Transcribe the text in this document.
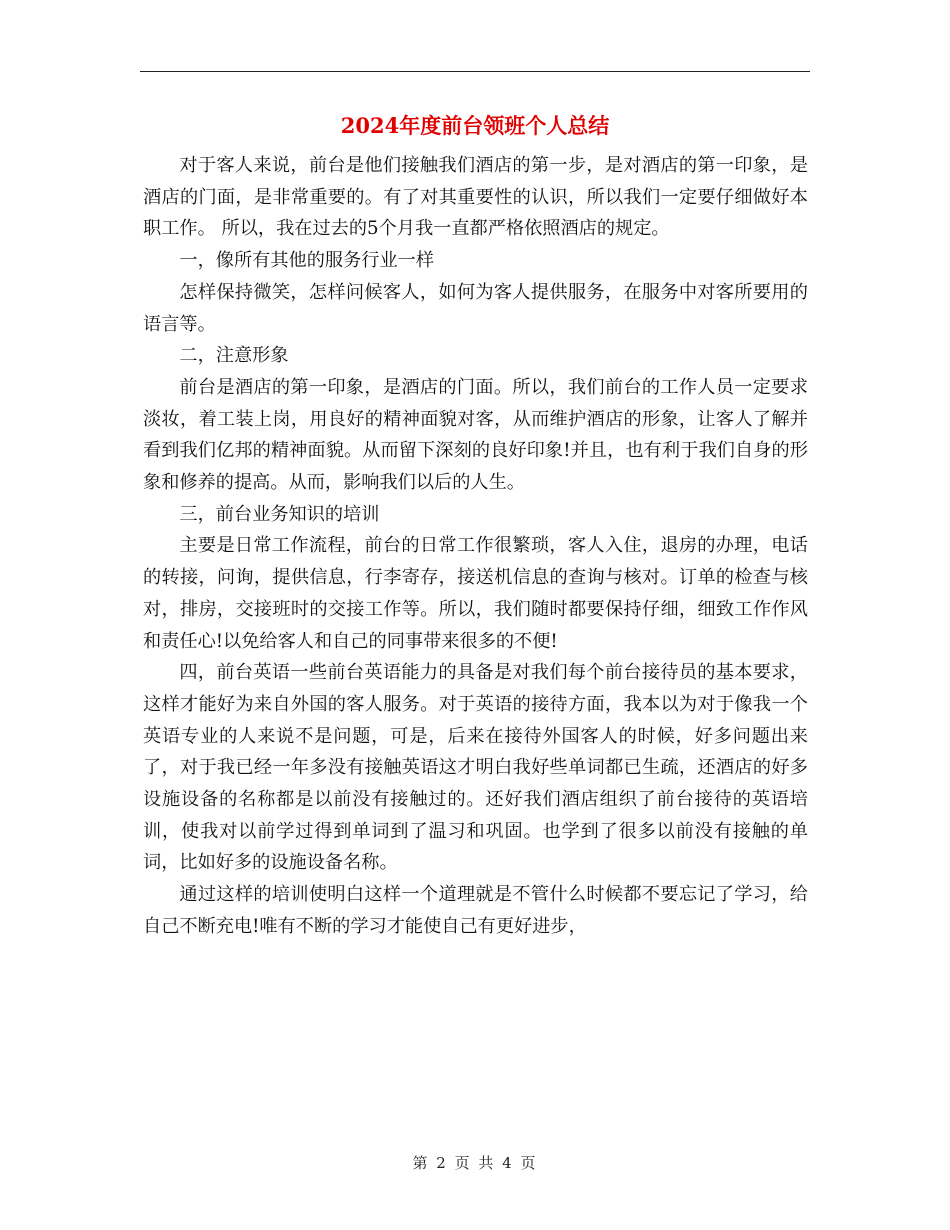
2024年度前台领班个人总结

对于客人来说，前台是他们接触我们酒店的第一步，是对酒店的第一印象，是酒店的门面，是非常重要的。有了对其重要性的认识，所以我们一定要仔细做好本职工作。 所以，我在过去的5个月我一直都严格依照酒店的规定。

一，像所有其他的服务行业一样

怎样保持微笑，怎样问候客人，如何为客人提供服务，在服务中对客所要用的语言等。

二，注意形象

前台是酒店的第一印象，是酒店的门面。所以，我们前台的工作人员一定要求淡妆，着工装上岗，用良好的精神面貌对客，从而维护酒店的形象，让客人了解并看到我们亿邦的精神面貌。从而留下深刻的良好印象!并且，也有利于我们自身的形象和修养的提高。从而，影响我们以后的人生。

三，前台业务知识的培训

主要是日常工作流程，前台的日常工作很繁琐，客人入住，退房的办理，电话的转接，问询，提供信息，行李寄存，接送机信息的查询与核对。订单的检查与核对，排房，交接班时的交接工作等。所以，我们随时都要保持仔细，细致工作作风和责任心!以免给客人和自己的同事带来很多的不便!

四，前台英语一些前台英语能力的具备是对我们每个前台接待员的基本要求，这样才能好为来自外国的客人服务。对于英语的接待方面，我本以为对于像我一个英语专业的人来说不是问题，可是，后来在接待外国客人的时候，好多问题出来了，对于我已经一年多没有接触英语这才明白我好些单词都已生疏，还酒店的好多设施设备的名称都是以前没有接触过的。还好我们酒店组织了前台接待的英语培训，使我对以前学过得到单词到了温习和巩固。也学到了很多以前没有接触的单词，比如好多的设施设备名称。

通过这样的培训使明白这样一个道理就是不管什么时候都不要忘记了学习，给自己不断充电!唯有不断的学习才能使自己有更好进步，

第 2 页 共 4 页
